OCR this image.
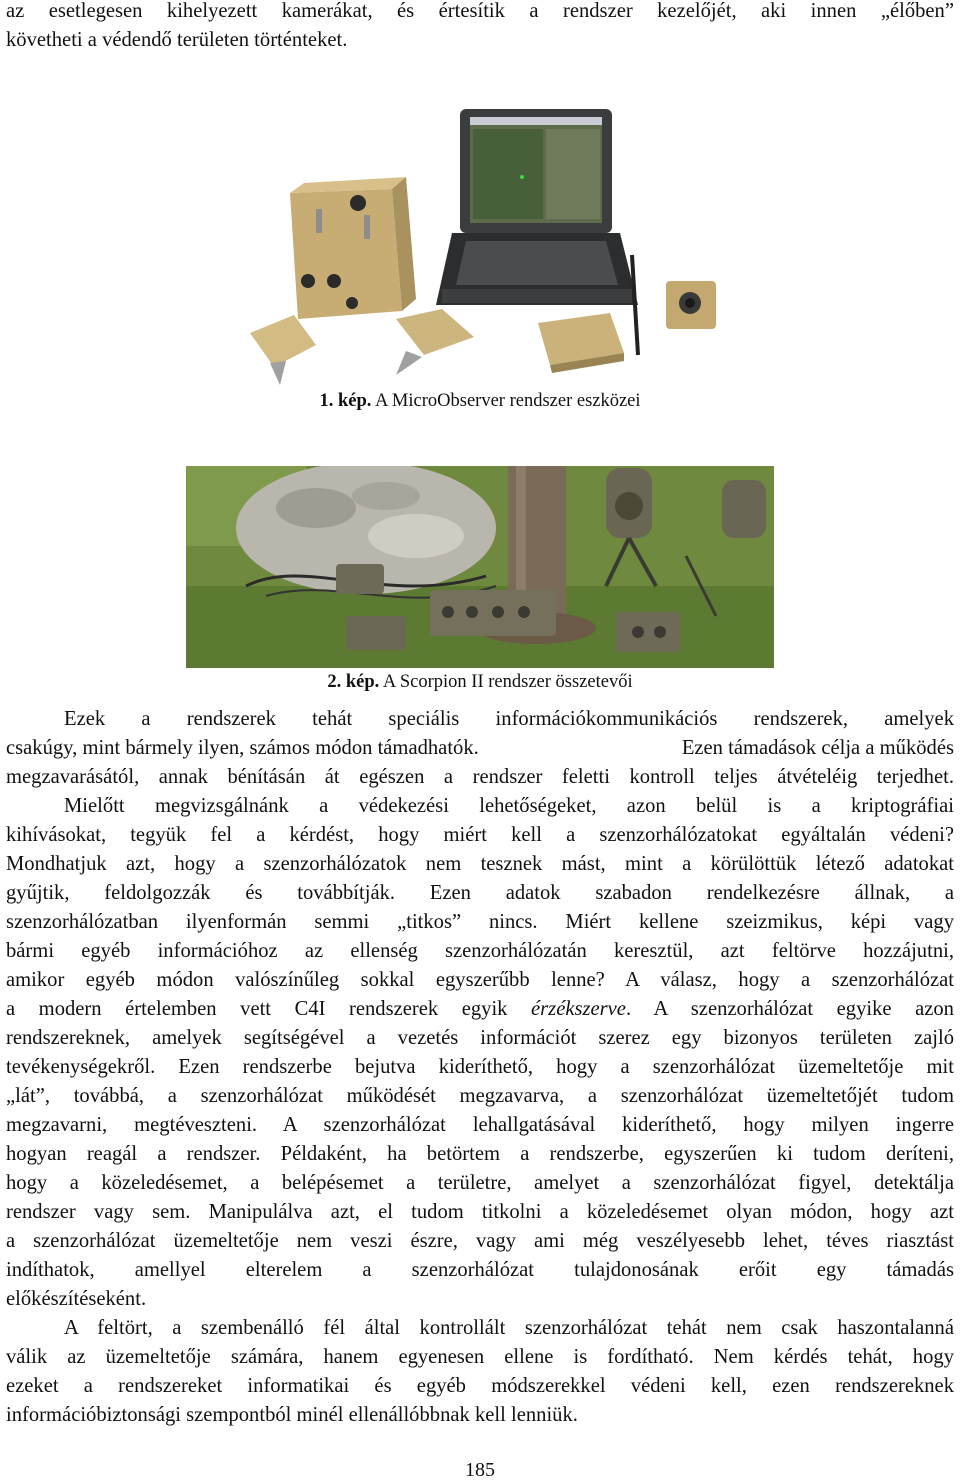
az esetlegesen kihelyezett kamerákat, és értesítik a rendszer kezelőjét, aki innen „élőben”
követheti a védendő területen történteket.
1. kép. A MicroObserver rendszer eszközei
2. kép. A Scorpion II rendszer összetevői
Ezek a rendszerek tehát speciális információkommunikációs rendszerek, amelyek
csakúgy, mint bármely ilyen, számos módon támadhatók.	Ezen támadások célja a működés
megzavarásától, annak bénításán át egészen a rendszer feletti kontroll teljes átvételéig terjedhet.
Mielőtt megvizsgálnánk a védekezési lehetőségeket, azon belül is a kriptográfiai
kihívásokat, tegyük fel a kérdést, hogy miért kell a szenzorhálózatokat egyáltalán védeni?
Mondhatjuk azt, hogy a szenzorhálózatok nem tesznek mást, mint a körülöttük létező adatokat
gyűjtik, feldolgozzák és továbbítják. Ezen adatok szabadon rendelkezésre állnak, a
szenzorhálózatban ilyenformán semmi „titkos” nincs. Miért kellene szeizmikus, képi vagy
bármi egyéb információhoz az ellenség szenzorhálózatán keresztül, azt feltörve hozzájutni,
amikor egyéb módon valószínűleg sokkal egyszerűbb lenne? A válasz, hogy a szenzorhálózat
a modern értelemben vett C4I rendszerek egyik érzékszerve. A szenzorhálózat egyike azon
rendszereknek, amelyek segítségével a vezetés információt szerez egy bizonyos területen zajló
tevékenységekről. Ezen rendszerbe bejutva kideríthető, hogy a szenzorhálózat üzemeltetője mit
„lát”, továbbá, a szenzorhálózat működését megzavarva, a szenzorhálózat üzemeltetőjét tudom
megzavarni, megtéveszteni. A szenzorhálózat lehallgatásával kideríthető, hogy milyen ingerre
hogyan reagál a rendszer. Példaként, ha betörtem a rendszerbe, egyszerűen ki tudom deríteni,
hogy a közeledésemet, a belépésemet a területre, amelyet a szenzorhálózat figyel, detektálja
rendszer vagy sem. Manipulálva azt, el tudom titkolni a közeledésemet olyan módon, hogy azt
a szenzorhálózat üzemeltetője nem veszi észre, vagy ami még veszélyesebb lehet, téves riasztást
indíthatok, amellyel elterelem a szenzorhálózat tulajdonosának erőit egy támadás
előkészítéseként.
A feltört, a szembenálló fél által kontrollált szenzorhálózat tehát nem csak haszontalanná
válik az üzemeltetője számára, hanem egyenesen ellene is fordítható. Nem kérdés tehát, hogy
ezeket a rendszereket informatikai és egyéb módszerekkel védeni kell, ezen rendszereknek
információbiztonsági szempontból minél ellenállóbbnak kell lenniük.
185
